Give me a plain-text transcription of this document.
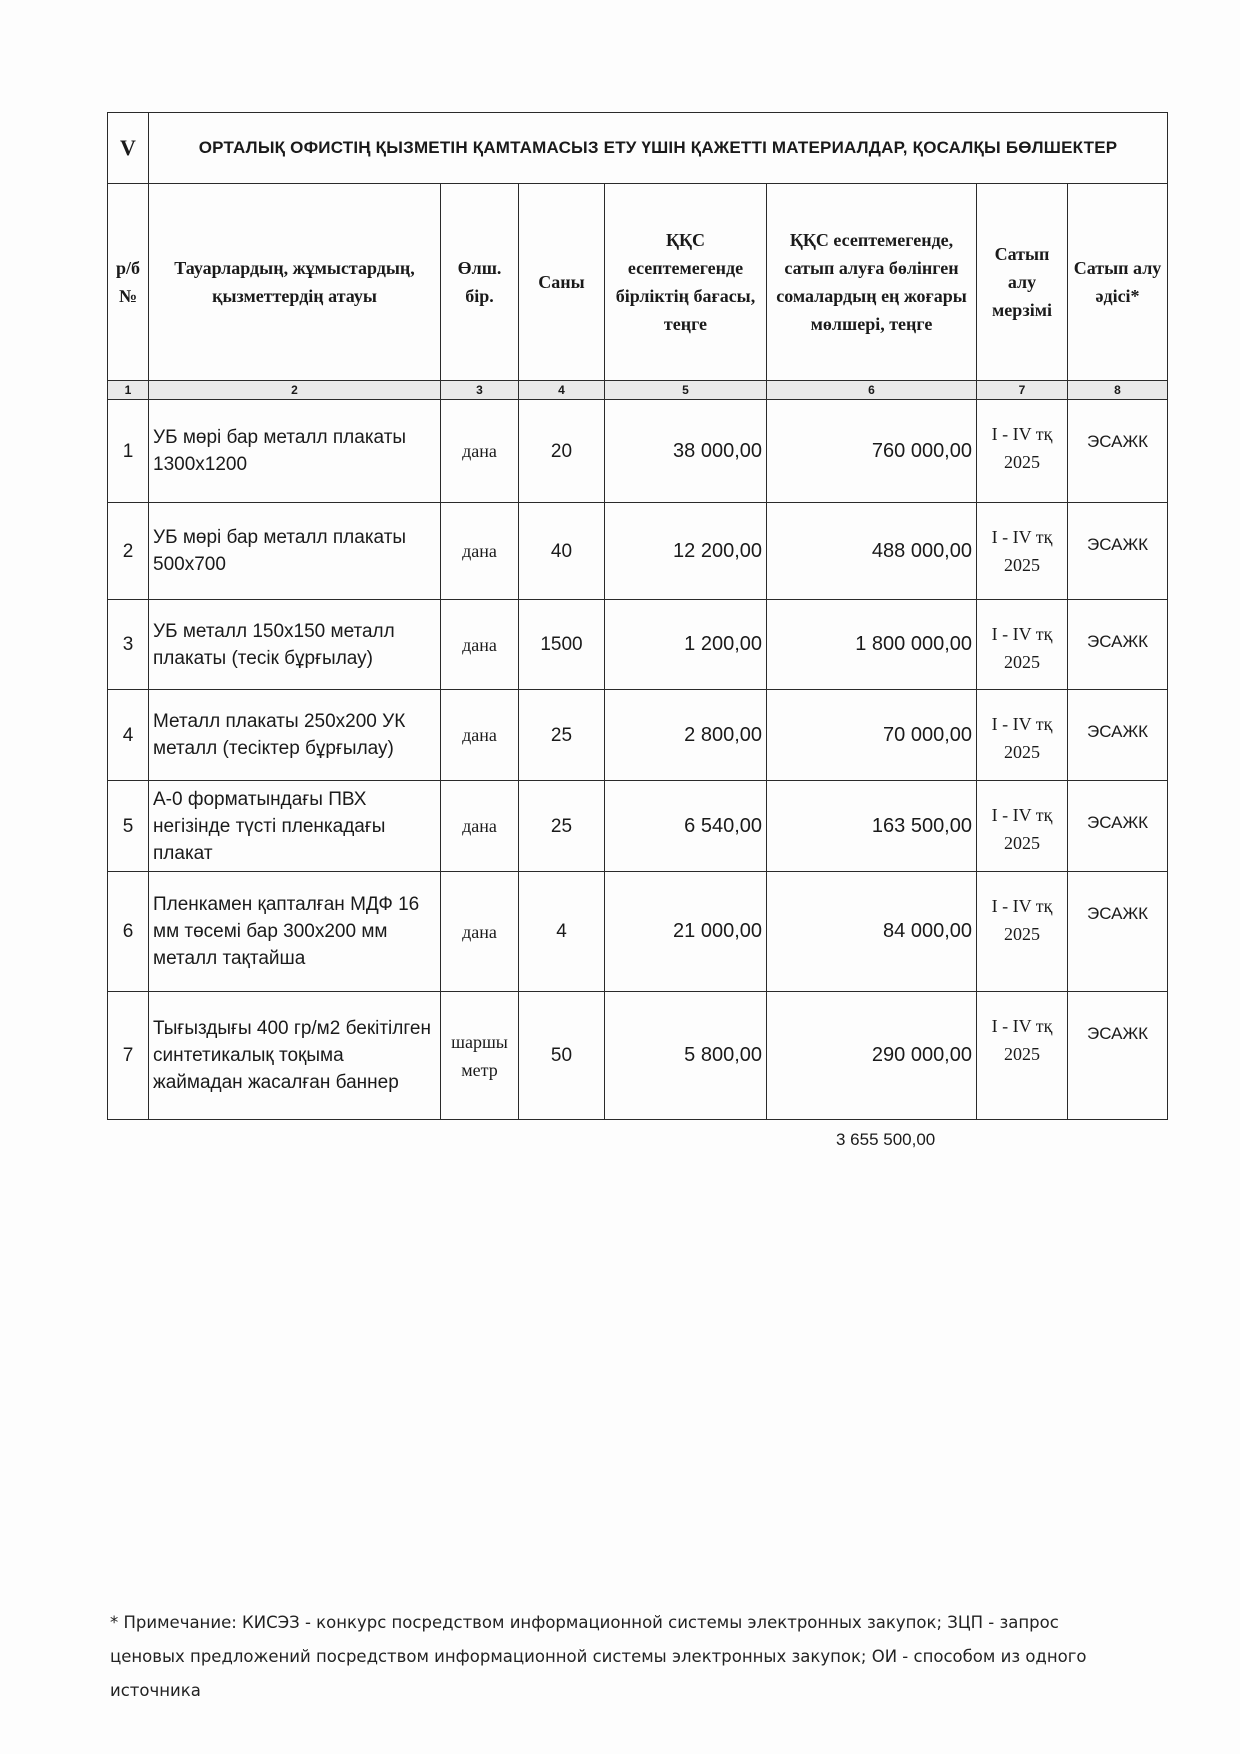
V	ОРТАЛЫҚ ОФИСТІҢ ҚЫЗМЕТІН ҚАМТАМАСЫЗ ЕТУ ҮШІН ҚАЖЕТТІ МАТЕРИАЛДАР, ҚОСАЛҚЫ БӨЛШЕКТЕР						
р/б №	Тауарлардың, жұмыстардың, қызметтердің атауы	Өлш. бір.	Саны	ҚҚС есептемегенде бірліктің бағасы, теңге	ҚҚС есептемегенде, сатып алуға бөлінген сомалардың ең жоғары мөлшері, теңге	Сатып алу мерзімі	Сатып алу әдісі*
1	2	3	4	5	6	7	8
1	УБ мөрі бар металл плакаты 1300x1200	дана	20	38 000,00	760 000,00	I - IV тқ 2025	ЭСАЖК
2	УБ мөрі бар металл плакаты 500x700	дана	40	12 200,00	488 000,00	I - IV тқ 2025	ЭСАЖК
3	УБ металл 150х150 металл плакаты (тесік бұрғылау)	дана	1500	1 200,00	1 800 000,00	I - IV тқ 2025	ЭСАЖК
4	Металл плакаты 250x200 УК металл (тесіктер бұрғылау)	дана	25	2 800,00	70 000,00	I - IV тқ 2025	ЭСАЖК
5	А-0 форматындағы ПВХ негізінде түсті пленкадағы плакат	дана	25	6 540,00	163 500,00	I - IV тқ 2025	ЭСАЖК
6	Пленкамен қапталған МДФ 16 мм төсемі бар 300x200 мм металл тақтайша	дана	4	21 000,00	84 000,00	I - IV тқ 2025	ЭСАЖК
7	Тығыздығы 400 гр/м2 бекітілген синтетикалық тоқыма жаймадан жасалған баннер	шаршы метр	50	5 800,00	290 000,00	I - IV тқ 2025	ЭСАЖК
3 655 500,00
* Примечание: КИСЭЗ - конкурс посредством информационной системы электронных закупок; ЗЦП - запрос ценовых предложений посредством информационной системы электронных закупок; ОИ - способом из одного источника
